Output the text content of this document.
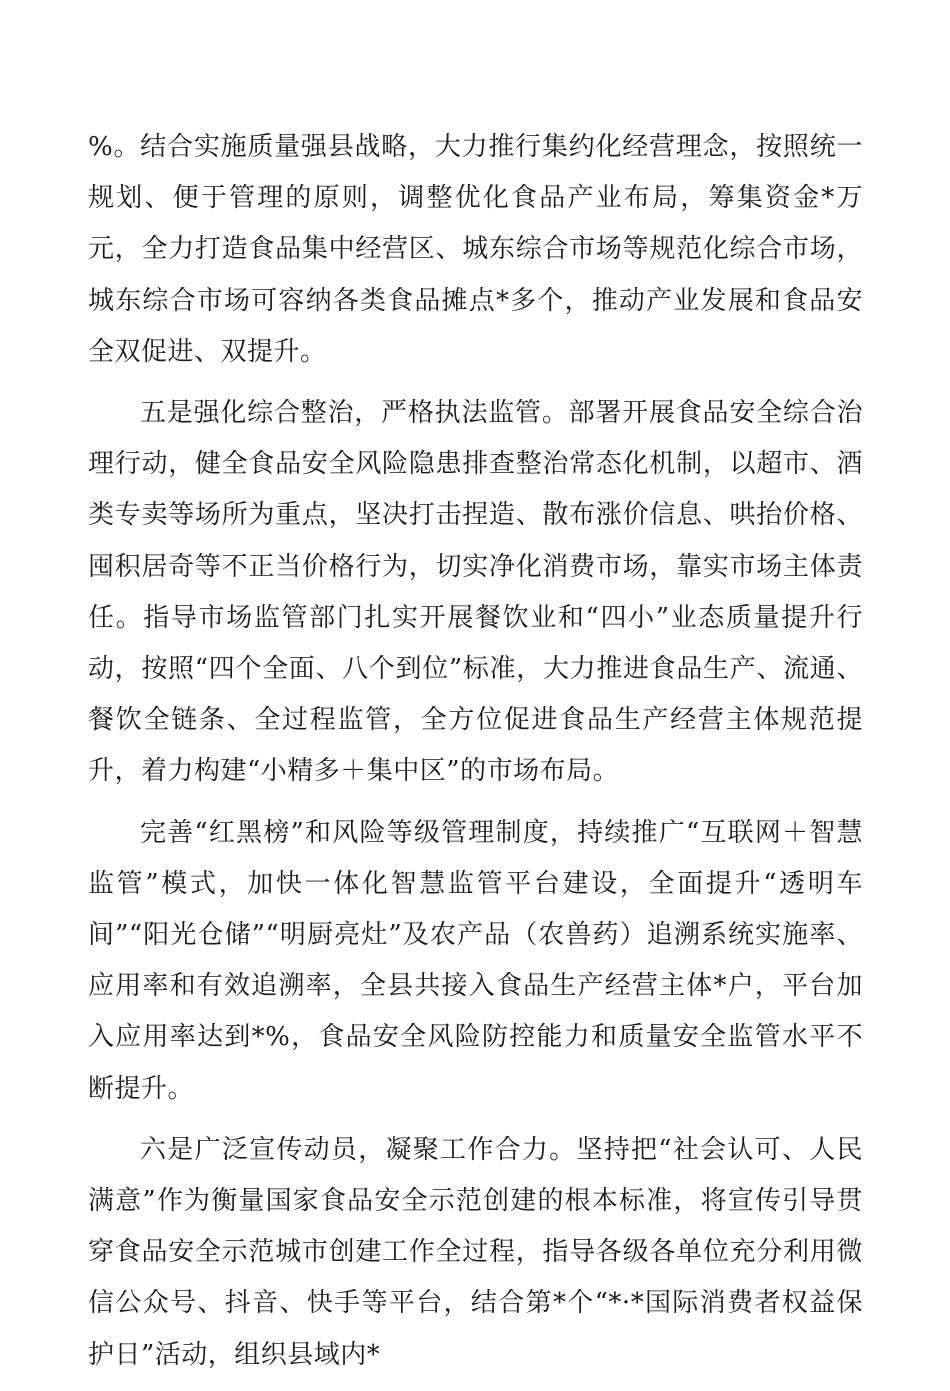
%。结合实施质量强县战略，大力推行集约化经营理念，按照统一规划、便于管理的原则，调整优化食品产业布局，筹集资金*万元，全力打造食品集中经营区、城东综合市场等规范化综合市场，城东综合市场可容纳各类食品摊点*多个，推动产业发展和食品安全双促进、双提升。

五是强化综合整治，严格执法监管。部署开展食品安全综合治理行动，健全食品安全风险隐患排查整治常态化机制，以超市、酒类专卖等场所为重点，坚决打击捏造、散布涨价信息、哄抬价格、囤积居奇等不正当价格行为，切实净化消费市场，靠实市场主体责任。指导市场监管部门扎实开展餐饮业和“四小”业态质量提升行动，按照“四个全面、八个到位”标准，大力推进食品生产、流通、餐饮全链条、全过程监管，全方位促进食品生产经营主体规范提升，着力构建“小精多＋集中区”的市场布局。

完善“红黑榜”和风险等级管理制度，持续推广“互联网＋智慧监管”模式，加快一体化智慧监管平台建设，全面提升“透明车间”“阳光仓储”“明厨亮灶”及农产品（农兽药）追溯系统实施率、应用率和有效追溯率，全县共接入食品生产经营主体*户，平台加入应用率达到*%，食品安全风险防控能力和质量安全监管水平不断提升。

六是广泛宣传动员，凝聚工作合力。坚持把“社会认可、人民满意”作为衡量国家食品安全示范创建的根本标准，将宣传引导贯穿食品安全示范城市创建工作全过程，指导各级各单位充分利用微信公众号、抖音、快手等平台，结合第*个“*·*国际消费者权益保护日”活动，组织县域内*
